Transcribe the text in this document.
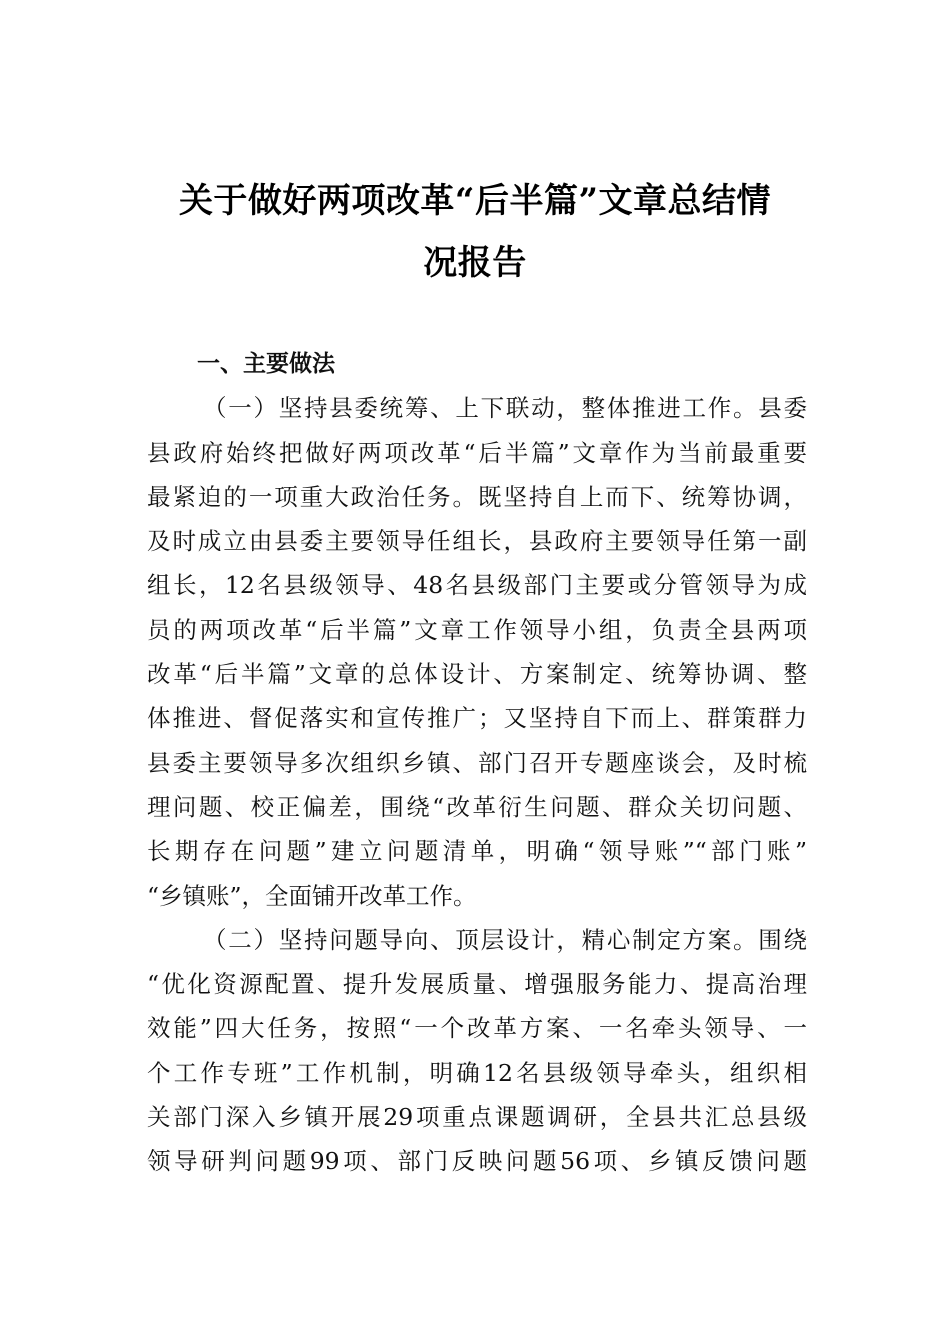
关于做好两项改革“后半篇”文章总结情
况报告
一、主要做法
（一）坚持县委统筹、上下联动，整体推进工作。县委
县政府始终把做好两项改革“后半篇”文章作为当前最重要
最紧迫的一项重大政治任务。既坚持自上而下、统筹协调，
及时成立由县委主要领导任组长，县政府主要领导任第一副
组长，12名县级领导、48名县级部门主要或分管领导为成
员的两项改革“后半篇”文章工作领导小组，负责全县两项
改革“后半篇”文章的总体设计、方案制定、统筹协调、整
体推进、督促落实和宣传推广；又坚持自下而上、群策群力
县委主要领导多次组织乡镇、部门召开专题座谈会，及时梳
理问题、校正偏差，围绕“改革衍生问题、群众关切问题、
长期存在问题”建立问题清单，明确“领导账”“部门账”
“乡镇账”，全面铺开改革工作。
（二）坚持问题导向、顶层设计，精心制定方案。围绕
“优化资源配置、提升发展质量、增强服务能力、提高治理
效能”四大任务，按照“一个改革方案、一名牵头领导、一
个工作专班”工作机制，明确12名县级领导牵头，组织相
关部门深入乡镇开展29项重点课题调研，全县共汇总县级
领导研判问题99项、部门反映问题56项、乡镇反馈问题
